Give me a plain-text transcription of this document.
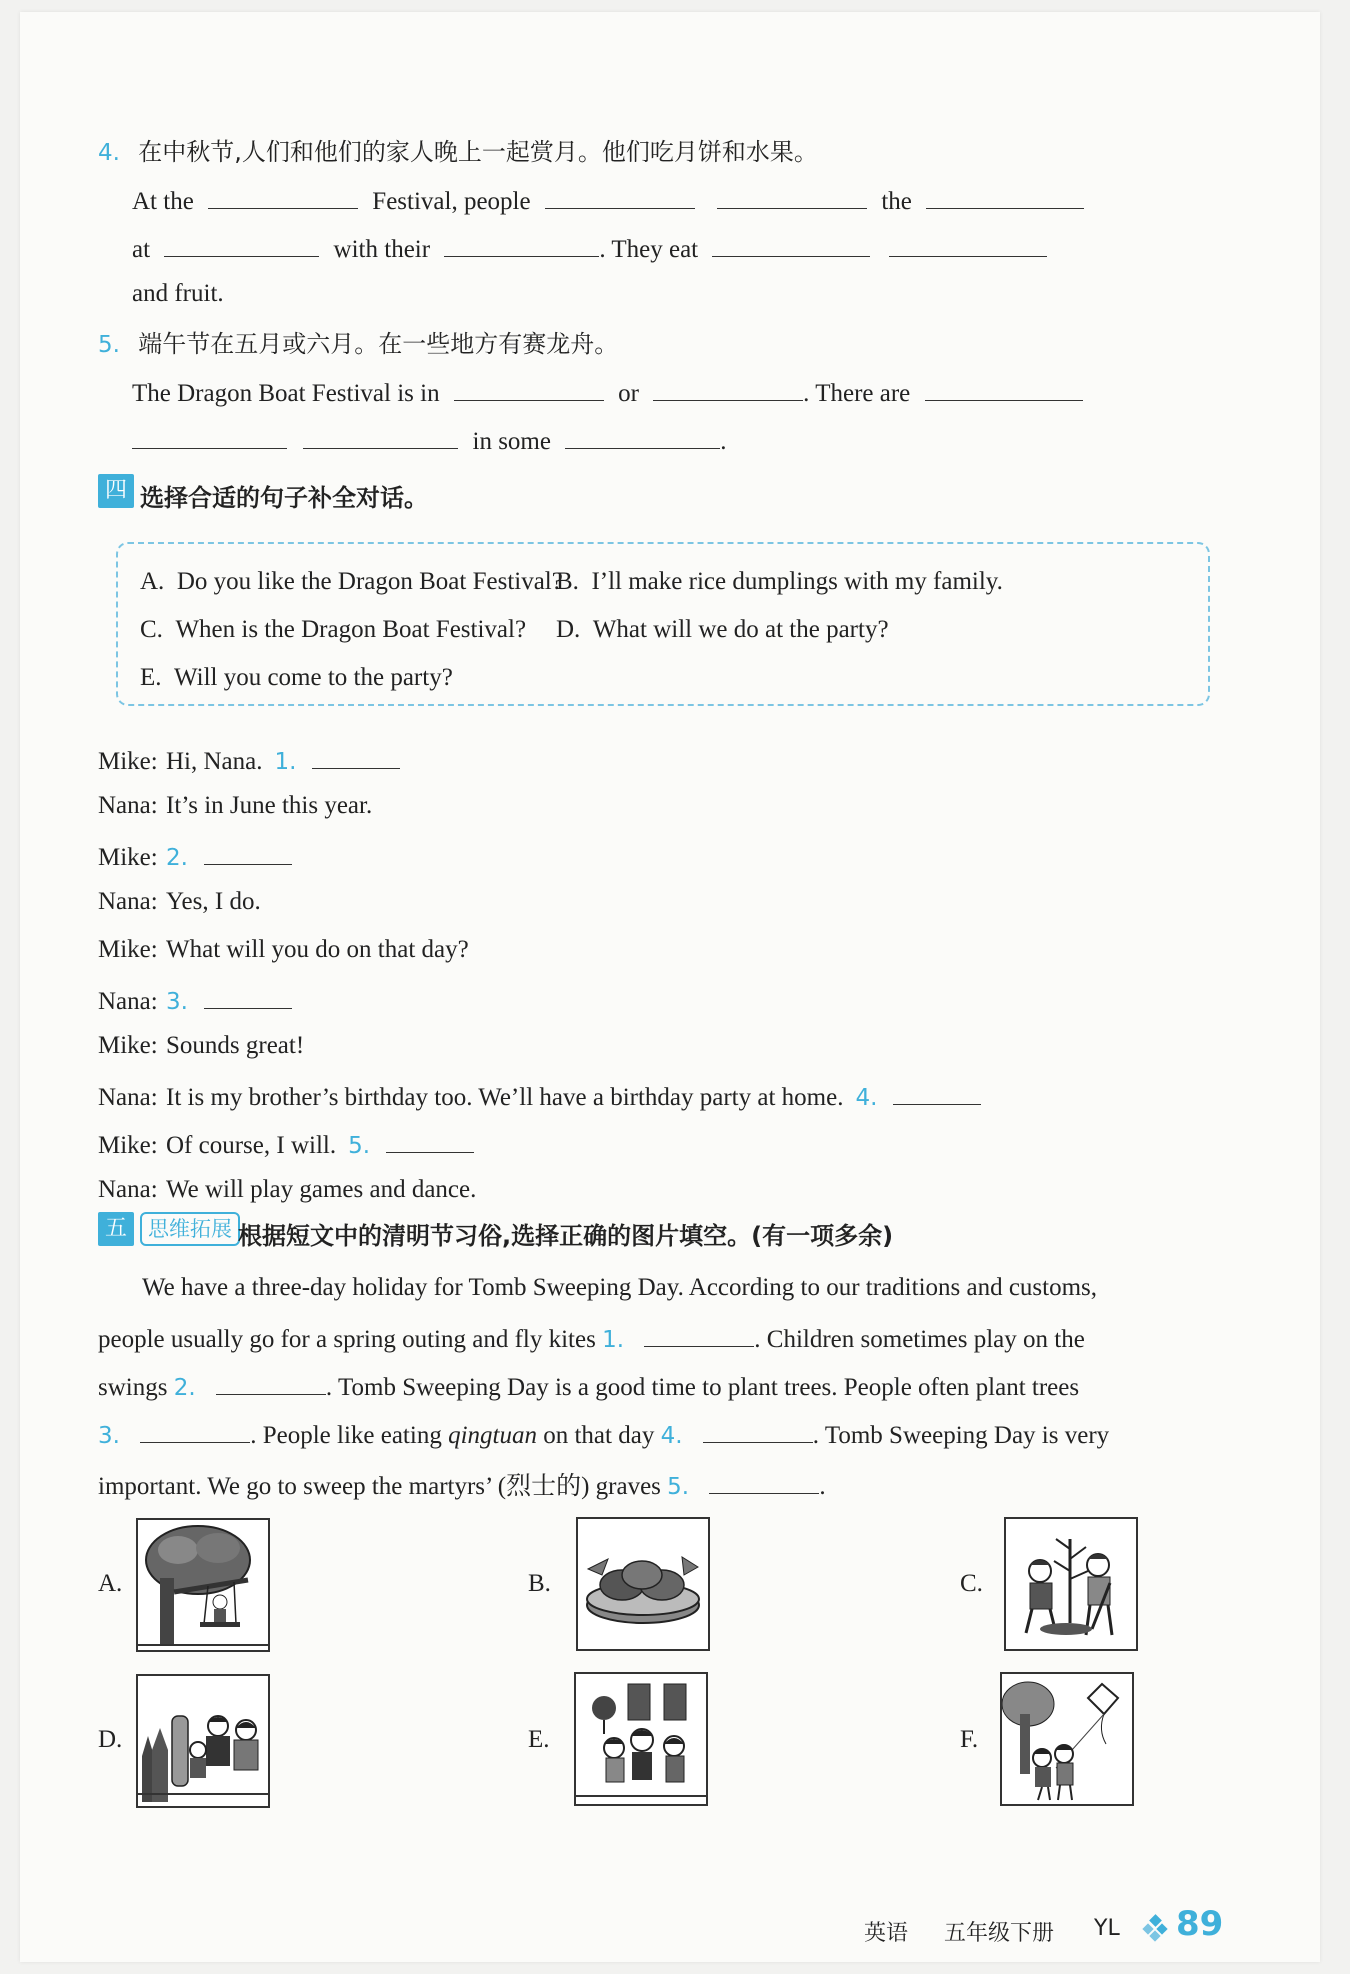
4. 在中秋节,人们和他们的家人晚上一起赏月。他们吃月饼和水果。
At the	Festival, people	the
at	with their	. They eat
and fruit.
5. 端午节在五月或六月。在一些地方有赛龙舟。
The Dragon Boat Festival is in	or	. There are
in some	.
四 选择合适的句子补全对话。
A. Do you like the Dragon Boat Festival?
B. I’ll make rice dumplings with my family.
C. When is the Dragon Boat Festival? D. What will we do at the party?
E. Will you come to the party?
Mike: Hi, Nana. 1.
Nana: It’s in June this year.
Mike: 2.
Nana: Yes, I do.
Mike: What will you do on that day?
Nana: 3.
Mike: Sounds great!
Nana: It is my brother’s birthday too. We’ll have a birthday party at home. 4.
Mike: Of course, I will. 5.
Nana: We will play games and dance.
五	思维拓展 根据短文中的清明节习俗,选择正确的图片填空。(有一项多余)
We have a three-day holiday for Tomb Sweeping Day. According to our traditions and customs,
people usually go for a spring outing and fly kites 1.	. Children sometimes play on the
swings 2.	. Tomb Sweeping Day is a good time to plant trees. People often plant trees
3.	. People like eating qingtuan on that day 4.	. Tomb Sweeping Day is very
important. We go to sweep the martyrs’ (烈士的) graves 5.	.
A.	B.	C.
D.	E.	F.
英语 五年级下册 YL 89
